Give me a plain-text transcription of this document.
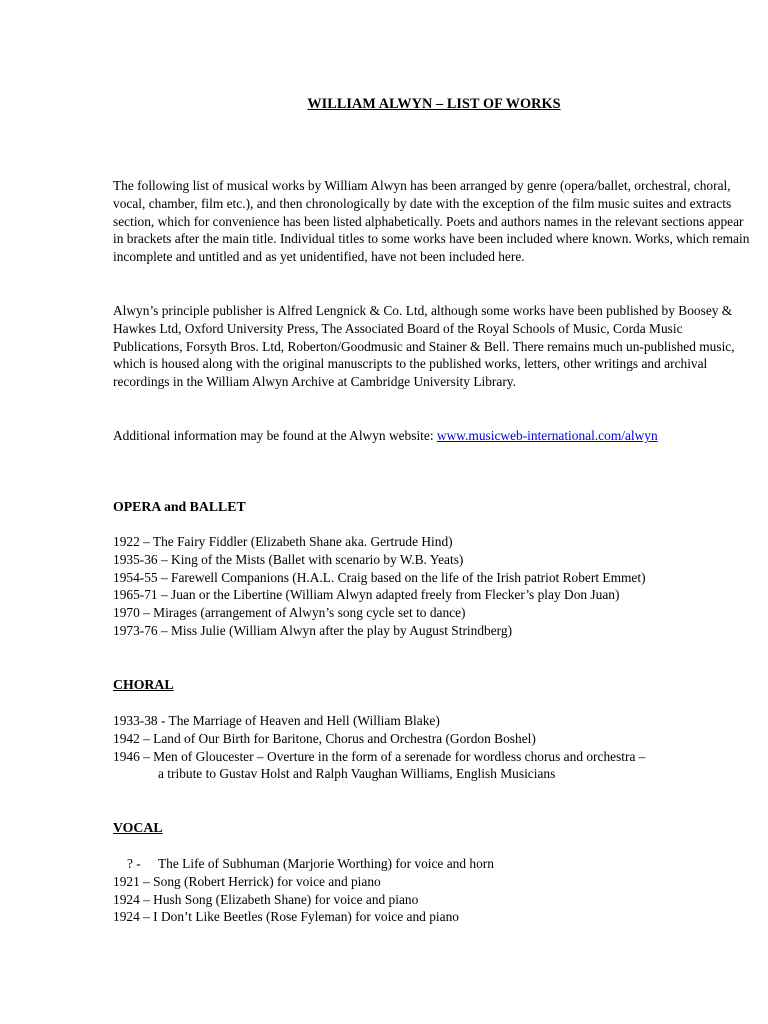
WILLIAM ALWYN – LIST OF WORKS

The following list of musical works by William Alwyn has been arranged by genre (opera/ballet, orchestral, choral, vocal, chamber, film etc.), and then chronologically by date with the exception of the film music suites and extracts section, which for convenience has been listed alphabetically. Poets and authors names in the relevant sections appear in brackets after the main title. Individual titles to some works have been included where known. Works, which remain incomplete and untitled and as yet unidentified, have not been included here.

Alwyn’s principle publisher is Alfred Lengnick & Co. Ltd, although some works have been published by Boosey & Hawkes Ltd, Oxford University Press, The Associated Board of the Royal Schools of Music, Corda Music Publications, Forsyth Bros. Ltd, Roberton/Goodmusic and Stainer & Bell. There remains much un-published music, which is housed along with the original manuscripts to the published works, letters, other writings and archival recordings in the William Alwyn Archive at Cambridge University Library.

Additional information may be found at the Alwyn website: www.musicweb-international.com/alwyn
OPERA and BALLET
1922 – The Fairy Fiddler (Elizabeth Shane aka. Gertrude Hind)
1935-36 – King of the Mists (Ballet with scenario by W.B. Yeats)
1954-55 – Farewell Companions (H.A.L. Craig based on the life of the Irish patriot Robert Emmet)
1965-71 – Juan or the Libertine (William Alwyn adapted freely from Flecker’s play Don Juan)
1970 – Mirages (arrangement of Alwyn’s song cycle set to dance)
1973-76 – Miss Julie (William Alwyn after the play by August Strindberg)
CHORAL
1933-38 - The Marriage of Heaven and Hell (William Blake)
1942 – Land of Our Birth for Baritone, Chorus and Orchestra (Gordon Boshel)
1946 – Men of Gloucester – Overture in the form of a serenade for wordless chorus and orchestra –
a tribute to Gustav Holst and Ralph Vaughan Williams, English Musicians
VOCAL
? - The Life of Subhuman (Marjorie Worthing) for voice and horn
1921 – Song (Robert Herrick) for voice and piano
1924 – Hush Song (Elizabeth Shane) for voice and piano
1924 – I Don’t Like Beetles (Rose Fyleman) for voice and piano
